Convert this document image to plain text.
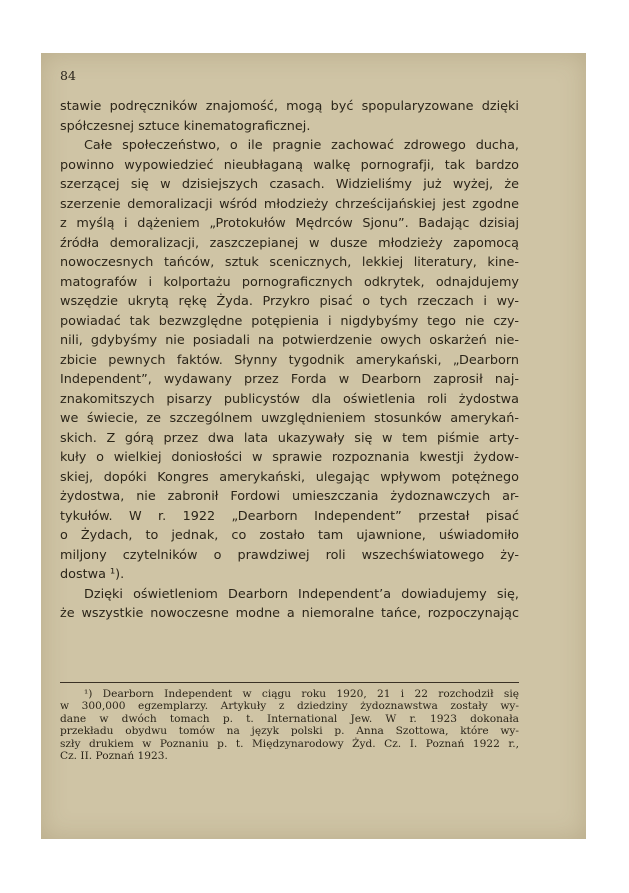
84
stawie podręczników znajomość, mogą być spopularyzowane dzięki
spółczesnej sztuce kinematograficznej.
Całe społeczeństwo, o ile pragnie zachować zdrowego ducha,
powinno wypowiedzieć nieubłaganą walkę pornografji, tak bardzo
szerzącej się w dzisiejszych czasach. Widzieliśmy już wyżej, że
szerzenie demoralizacji wśród młodzieży chrześcijańskiej jest zgodne
z myślą i dążeniem „Protokułów Mędrców Sjonu”. Badając dzisiaj
źródła demoralizacji, zaszczepianej w dusze młodzieży zapomocą
nowoczesnych tańców, sztuk scenicznych, lekkiej literatury, kine-
matografów i kolportażu pornograficznych odkrytek, odnajdujemy
wszędzie ukrytą rękę Żyda. Przykro pisać o tych rzeczach i wy-
powiadać tak bezwzględne potępienia i nigdybyśmy tego nie czy-
nili, gdybyśmy nie posiadali na potwierdzenie owych oskarżeń nie-
zbicie pewnych faktów. Słynny tygodnik amerykański, „Dearborn
Independent”, wydawany przez Forda w Dearborn zaprosił naj-
znakomitszych pisarzy publicystów dla oświetlenia roli żydostwa
we świecie, ze szczególnem uwzględnieniem stosunków amerykań-
skich. Z górą przez dwa lata ukazywały się w tem piśmie arty-
kuły o wielkiej doniosłości w sprawie rozpoznania kwestji żydow-
skiej, dopóki Kongres amerykański, ulegając wpływom potężnego
żydostwa, nie zabronił Fordowi umieszczania żydoznawczych ar-
tykułów. W r. 1922 „Dearborn Independent” przestał pisać
o Żydach, to jednak, co zostało tam ujawnione, uświadomiło
miljony czytelników o prawdziwej roli wszechświatowego ży-
dostwa ¹).
Dzięki oświetleniom Dearborn Independent’a dowiadujemy się,
że wszystkie nowoczesne modne a niemoralne tańce, rozpoczynając
¹) Dearborn Independent w ciągu roku 1920, 21 i 22 rozchodził się
w 300,000 egzemplarzy. Artykuły z dziedziny żydoznawstwa zostały wy-
dane w dwóch tomach p. t. International Jew. W r. 1923 dokonała
przekładu obydwu tomów na język polski p. Anna Szottowa, które wy-
szły drukiem w Poznaniu p. t. Międzynarodowy Żyd. Cz. I. Poznań 1922 r.,
Cz. II. Poznań 1923.
